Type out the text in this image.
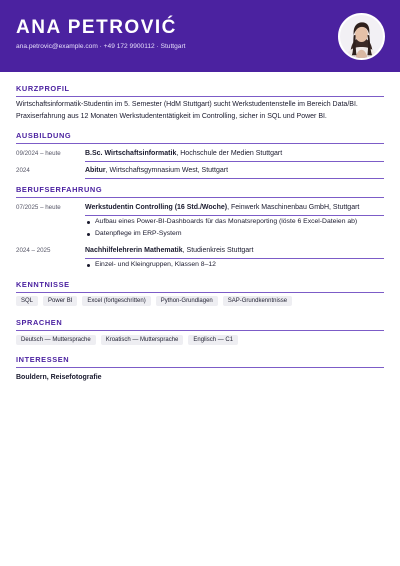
ANA PETROVIĆ
ana.petrovic@example.com · +49 172 9900112 · Stuttgart
KURZPROFIL
Wirtschaftsinformatik-Studentin im 5. Semester (HdM Stuttgart) sucht Werkstudentenstelle im Bereich Data/BI.
Praxiserfahrung aus 12 Monaten Werkstudententätigkeit im Controlling, sicher in SQL und Power BI.
AUSBILDUNG
09/2024 – heute	B.Sc. Wirtschaftsinformatik, Hochschule der Medien Stuttgart
2024	Abitur, Wirtschaftsgymnasium West, Stuttgart
BERUFSERFAHRUNG
07/2025 – heute	Werkstudentin Controlling (16 Std./Woche), Feinwerk Maschinenbau GmbH, Stuttgart
Aufbau eines Power-BI-Dashboards für das Monatsreporting (löste 6 Excel-Dateien ab)
Datenpflege im ERP-System
2024 – 2025	Nachhilfelehrerin Mathematik, Studienkreis Stuttgart
Einzel- und Kleingruppen, Klassen 8–12
KENNTNISSE
SQL	Power BI	Excel (fortgeschritten)	Python-Grundlagen	SAP-Grundkenntnisse
SPRACHEN
Deutsch — Muttersprache	Kroatisch — Muttersprache	Englisch — C1
INTERESSEN
Bouldern, Reisefotografie
